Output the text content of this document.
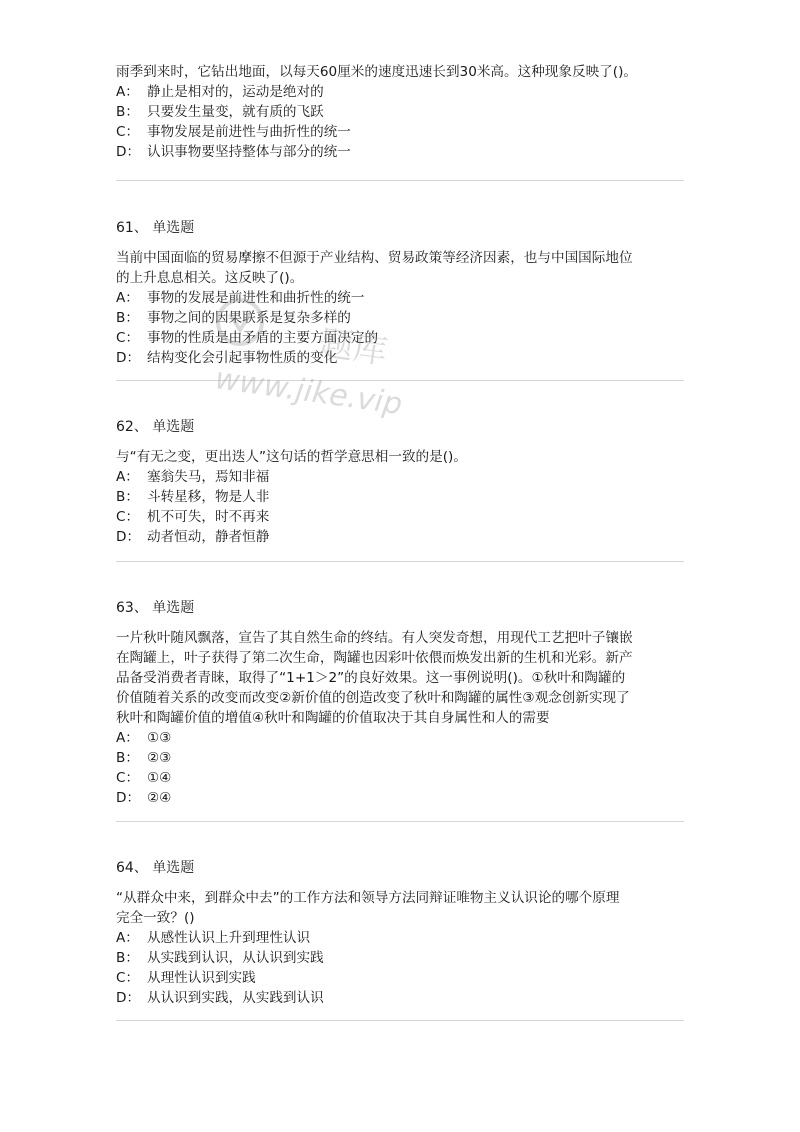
雨季到来时，它钻出地面，以每天60厘米的速度迅速长到30米高。这种现象反映了()。
A： 静止是相对的，运动是绝对的
B： 只要发生量变，就有质的飞跃
C： 事物发展是前进性与曲折性的统一
D： 认识事物要坚持整体与部分的统一
61、 单选题
当前中国面临的贸易摩擦不但源于产业结构、贸易政策等经济因素，也与中国国际地位
的上升息息相关。这反映了()。
A： 事物的发展是前进性和曲折性的统一
B： 事物之间的因果联系是复杂多样的
C： 事物的性质是由矛盾的主要方面决定的
D： 结构变化会引起事物性质的变化
62、 单选题
与“有无之变，更出迭人”这句话的哲学意思相一致的是()。
A： 塞翁失马，焉知非福
B： 斗转星移，物是人非
C： 机不可失，时不再来
D： 动者恒动，静者恒静
63、 单选题
一片秋叶随风飘落，宣告了其自然生命的终结。有人突发奇想，用现代工艺把叶子镶嵌
在陶罐上，叶子获得了第二次生命，陶罐也因彩叶依偎而焕发出新的生机和光彩。新产
品备受消费者青睐，取得了“1+1＞2”的良好效果。这一事例说明()。①秋叶和陶罐的
价值随着关系的改变而改变②新价值的创造改变了秋叶和陶罐的属性③观念创新实现了
秋叶和陶罐价值的增值④秋叶和陶罐的价值取决于其自身属性和人的需要
A： ①③
B： ②③
C： ①④
D： ②④
64、 单选题
“从群众中来，到群众中去”的工作方法和领导方法同辩证唯物主义认识论的哪个原理
完全一致？()
A： 从感性认识上升到理性认识
B： 从实践到认识，从认识到实践
C： 从理性认识到实践
D： 从认识到实践，从实践到认识
题库
www.jike.vip
